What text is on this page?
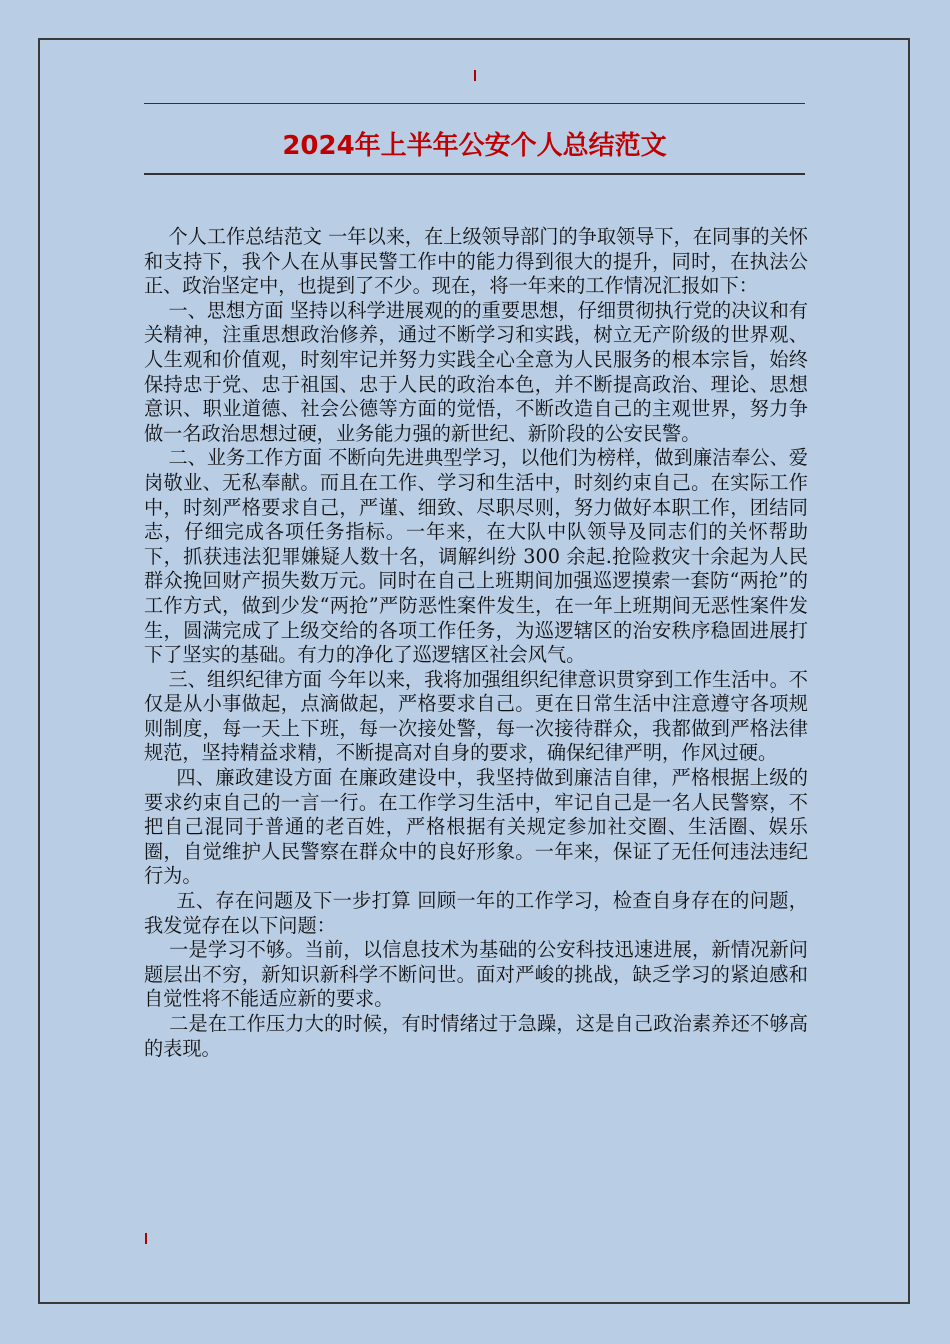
2024年上半年公安个人总结范文

个人工作总结范文 一年以来，在上级领导部门的争取领导下，在同事的关怀和支持下，我个人在从事民警工作中的能力得到很大的提升，同时，在执法公正、政治坚定中，也提到了不少。现在，将一年来的工作情况汇报如下：

一、思想方面 坚持以科学进展观的的重要思想，仔细贯彻执行党的决议和有关精神，注重思想政治修养，通过不断学习和实践，树立无产阶级的世界观、人生观和价值观，时刻牢记并努力实践全心全意为人民服务的根本宗旨，始终保持忠于党、忠于祖国、忠于人民的政治本色，并不断提高政治、理论、思想意识、职业道德、社会公德等方面的觉悟，不断改造自己的主观世界，努力争做一名政治思想过硬，业务能力强的新世纪、新阶段的公安民警。

二、业务工作方面 不断向先进典型学习，以他们为榜样，做到廉洁奉公、爱岗敬业、无私奉献。而且在工作、学习和生活中，时刻约束自己。在实际工作中，时刻严格要求自己，严谨、细致、尽职尽则，努力做好本职工作，团结同志，仔细完成各项任务指标。一年来，在大队中队领导及同志们的关怀帮助下，抓获违法犯罪嫌疑人数十名，调解纠纷 300 余起.抢险救灾十余起为人民群众挽回财产损失数万元。同时在自己上班期间加强巡逻摸索一套防“两抢”的工作方式，做到少发“两抢”严防恶性案件发生，在一年上班期间无恶性案件发生，圆满完成了上级交给的各项工作任务，为巡逻辖区的治安秩序稳固进展打下了坚实的基础。有力的净化了巡逻辖区社会风气。

三、组织纪律方面 今年以来，我将加强组织纪律意识贯穿到工作生活中。不仅是从小事做起，点滴做起，严格要求自己。更在日常生活中注意遵守各项规则制度，每一天上下班，每一次接处警，每一次接待群众，我都做到严格法律规范，坚持精益求精，不断提高对自身的要求，确保纪律严明，作风过硬。

四、廉政建设方面 在廉政建设中，我坚持做到廉洁自律，严格根据上级的要求约束自己的一言一行。在工作学习生活中，牢记自己是一名人民警察，不把自己混同于普通的老百姓，严格根据有关规定参加社交圈、生活圈、娱乐圈，自觉维护人民警察在群众中的良好形象。一年来，保证了无任何违法违纪行为。

五、存在问题及下一步打算 回顾一年的工作学习，检查自身存在的问题，我发觉存在以下问题：

一是学习不够。当前，以信息技术为基础的公安科技迅速进展，新情况新问题层出不穷，新知识新科学不断问世。面对严峻的挑战，缺乏学习的紧迫感和自觉性将不能适应新的要求。

二是在工作压力大的时候，有时情绪过于急躁，这是自己政治素养还不够高的表现。
